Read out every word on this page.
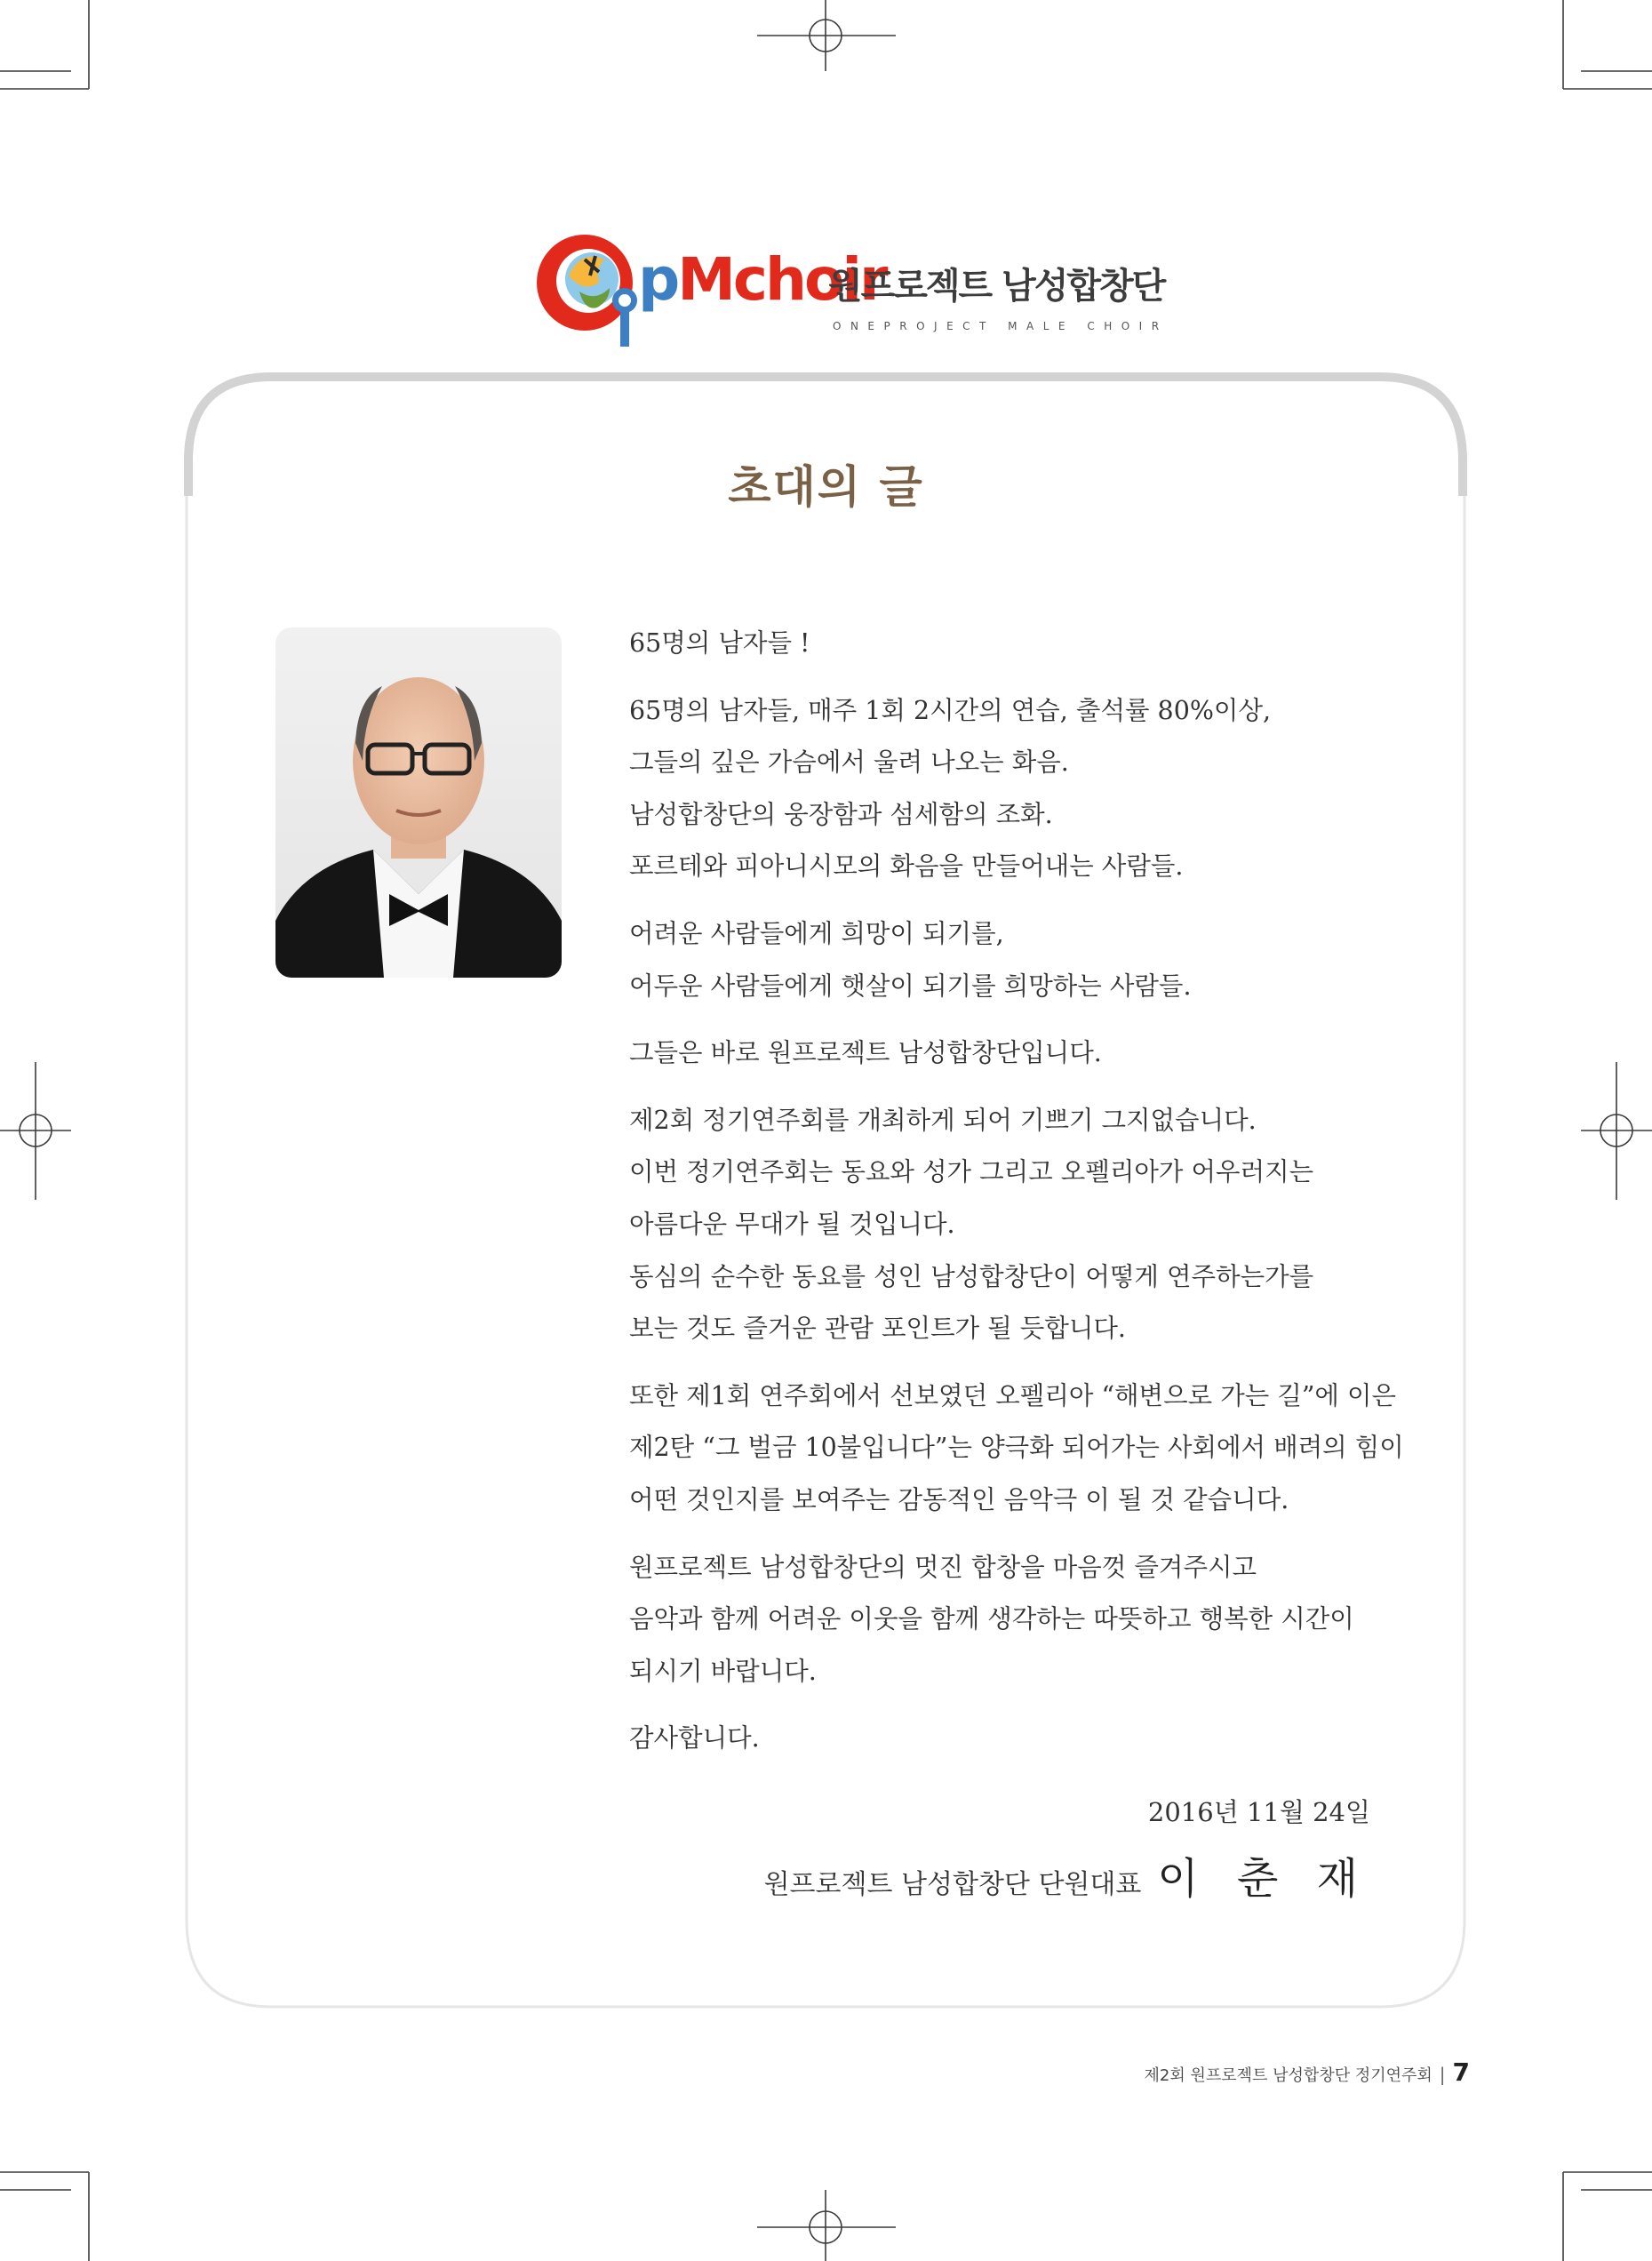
pMchoir
원프로젝트 남성합창단
ONEPROJECT MALE CHOIR
초대의 글
65명의 남자들 !
65명의 남자들, 매주 1회 2시간의 연습, 출석률 80%이상,
그들의 깊은 가슴에서 울려 나오는 화음.
남성합창단의 웅장함과 섬세함의 조화.
포르테와 피아니시모의 화음을 만들어내는 사람들.
어려운 사람들에게 희망이 되기를,
어두운 사람들에게 햇살이 되기를 희망하는 사람들.
그들은 바로 원프로젝트 남성합창단입니다.
제2회 정기연주회를 개최하게 되어 기쁘기 그지없습니다.
이번 정기연주회는 동요와 성가 그리고 오펠리아가 어우러지는
아름다운 무대가 될 것입니다.
동심의 순수한 동요를 성인 남성합창단이 어떻게 연주하는가를
보는 것도 즐거운 관람 포인트가 될 듯합니다.
또한 제1회 연주회에서 선보였던 오펠리아 “해변으로 가는 길”에 이은
제2탄 “그 벌금 10불입니다”는 양극화 되어가는 사회에서 배려의 힘이
어떤 것인지를 보여주는 감동적인 음악극 이 될 것 같습니다.
원프로젝트 남성합창단의 멋진 합창을 마음껏 즐겨주시고
음악과 함께 어려운 이웃을 함께 생각하는 따뜻하고 행복한 시간이
되시기 바랍니다.
감사합니다.
2016년 11월 24일
원프로젝트 남성합창단 단원대표 이 춘 재
제2회 원프로젝트 남성합창단 정기연주회 | 7
